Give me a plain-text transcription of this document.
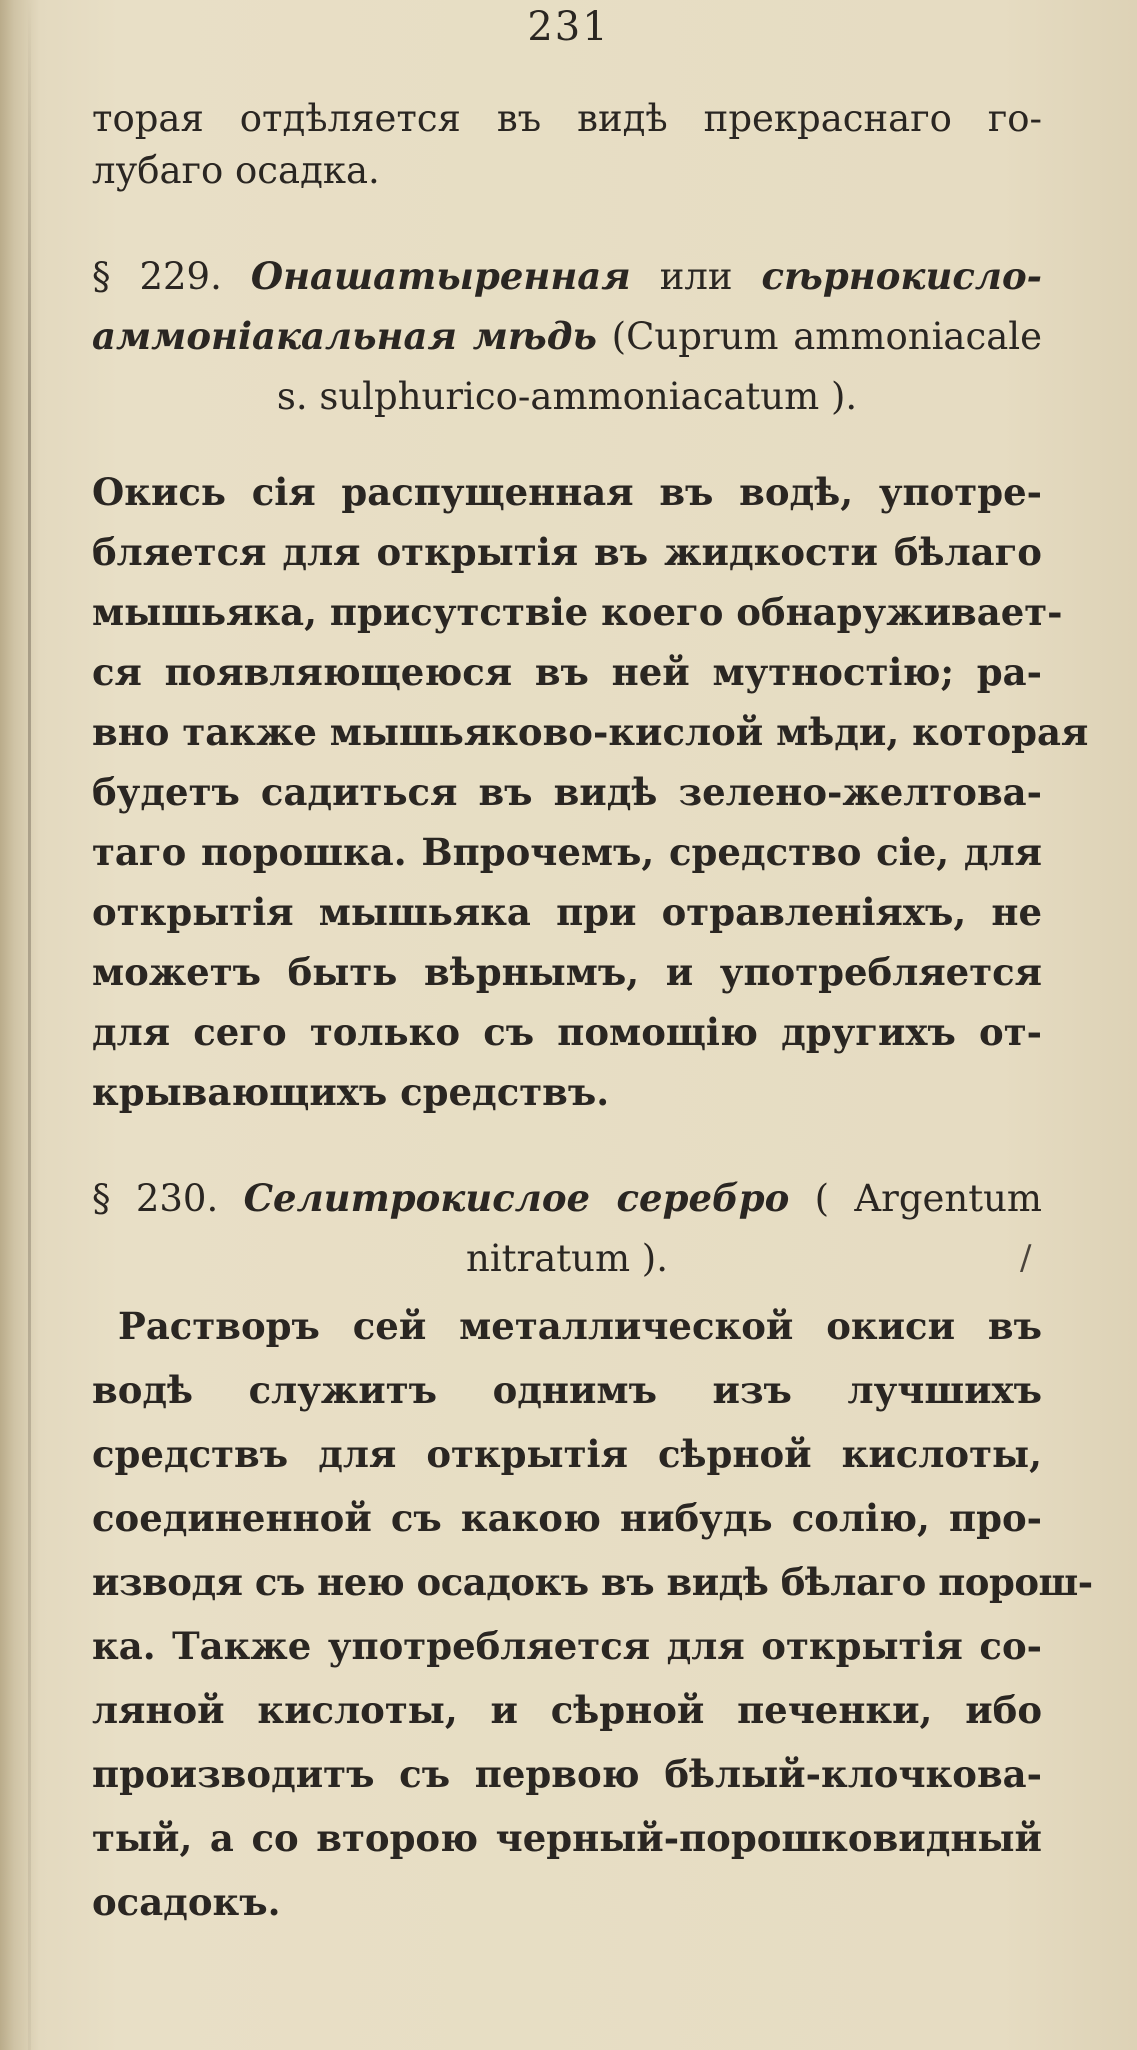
231
торая отдѣляется въ видѣ прекраснаго го-
лубаго осадка.
§ 229. Онашатыренная или сѣрнокисло-
аммоніакальная мѣдь (Cuprum ammoniacale
s. sulphurico-ammoniacatum ).
Окись сія распущенная въ водѣ, употре-
бляется для открытія въ жидкости бѣлаго
мышьяка, присутствіе коего обнаруживает-
ся появляющеюся въ ней мутностію; ра-
вно также мышьяково-кислой мѣди, которая
будетъ садиться въ видѣ зелено-желтова-
таго порошка. Впрочемъ, средство сіе, для
открытія мышьяка при отравленіяхъ, не
можетъ быть вѣрнымъ, и употребляется
для сего только съ помощію другихъ от-
крывающихъ средствъ.
§ 230. Селитрокислое серебро ( Argentum
nitratum ).	/
Растворъ сей металлической окиси въ
водѣ служитъ однимъ изъ лучшихъ
средствъ для открытія сѣрной кислоты,
соединенной съ какою нибудь солію, про-
изводя съ нею осадокъ въ видѣ бѣлаго порош-
ка. Также употребляется для открытія со-
ляной кислоты, и сѣрной печенки, ибо
производитъ съ первою бѣлый-клочкова-
тый, а со второю черный-порошковидный
осадокъ.
